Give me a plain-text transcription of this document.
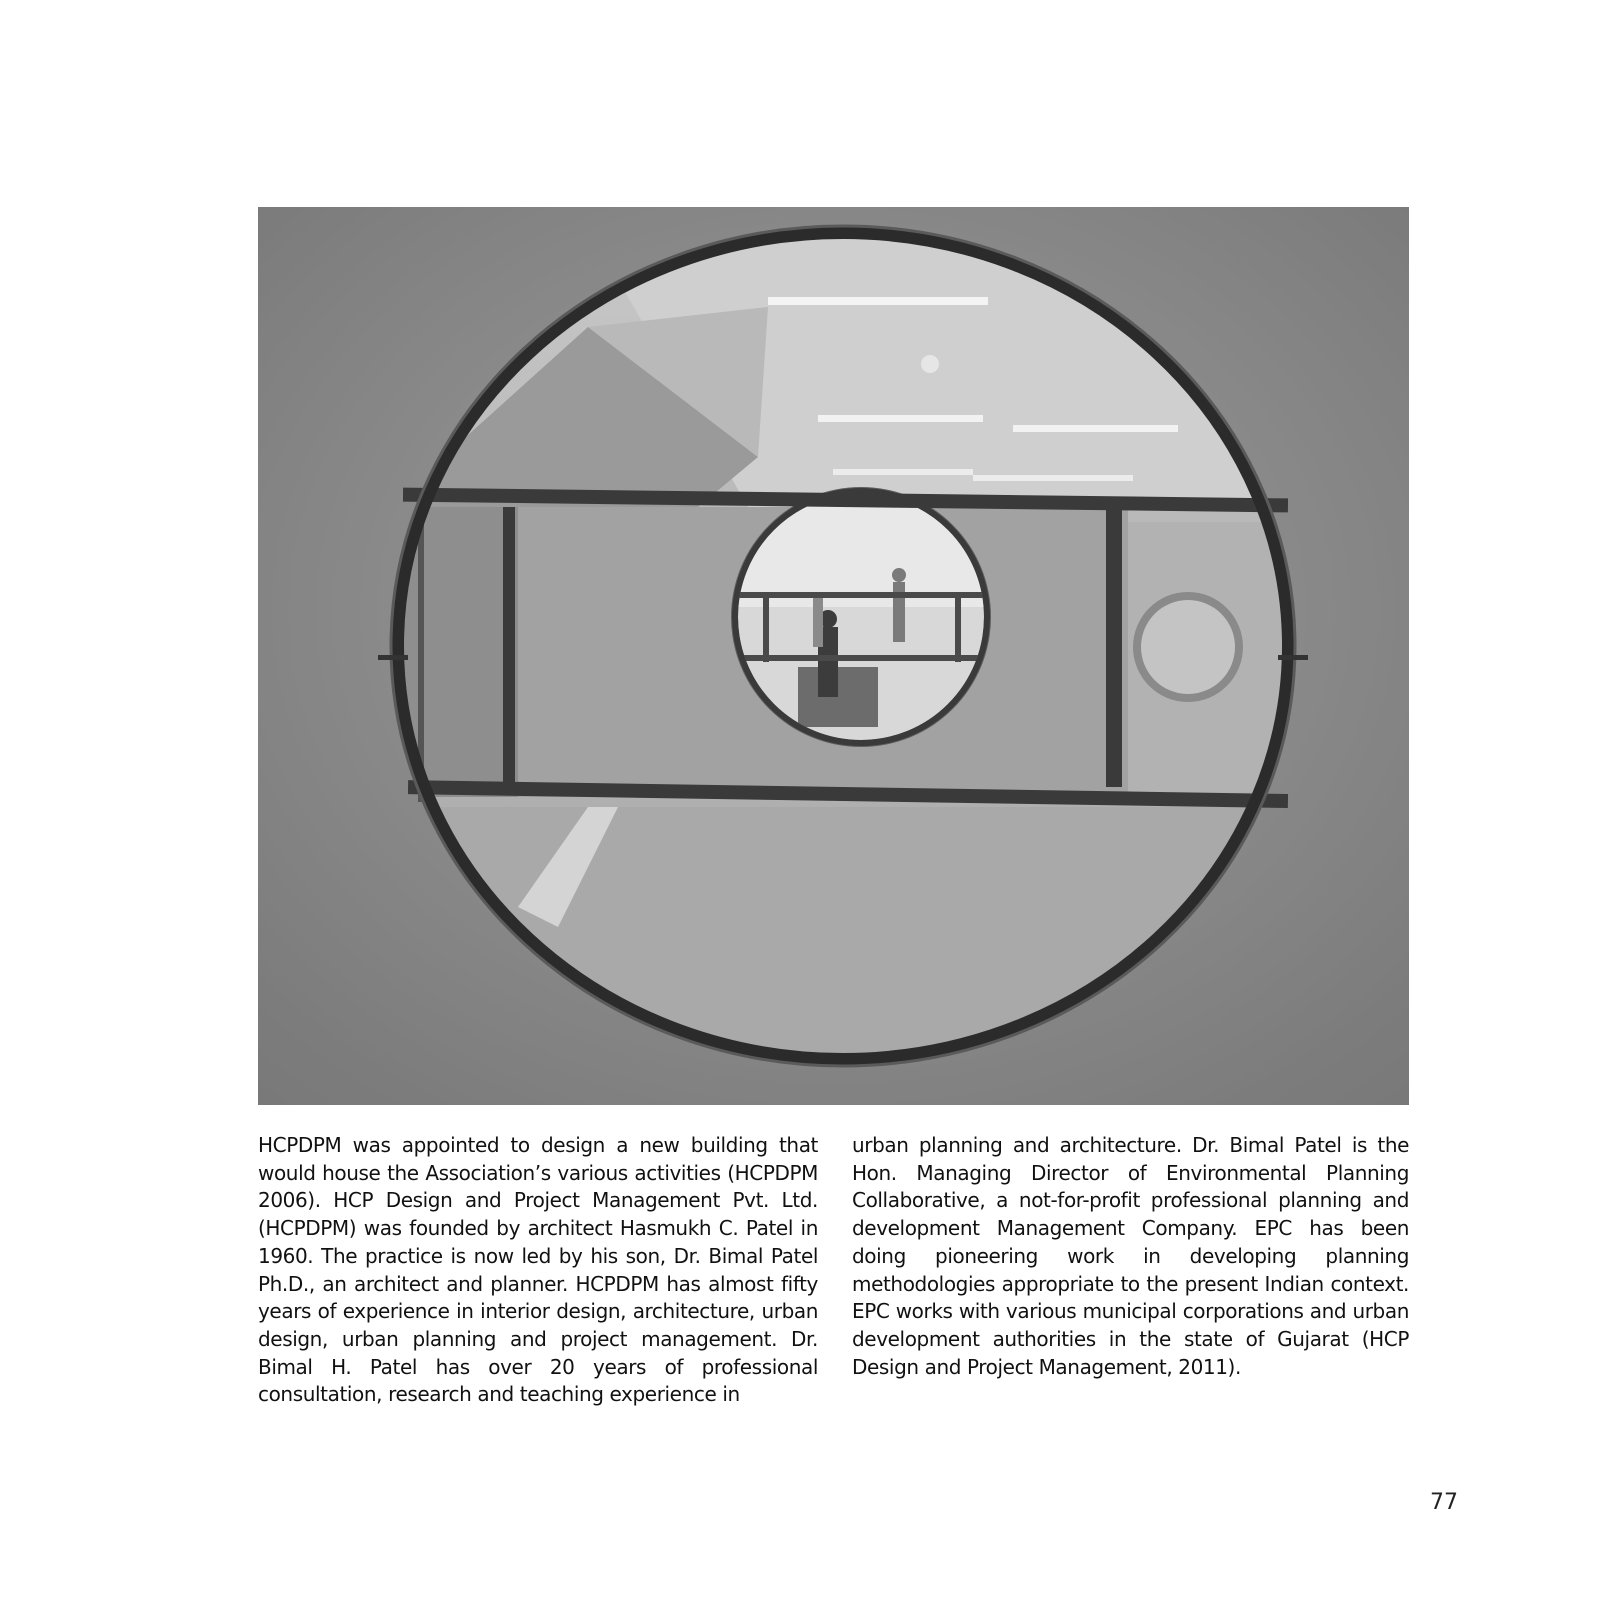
HCPDPM was appointed to design a new building that would house the Association’s various activities (HCPDPM 2006). HCP Design and Project Management Pvt. Ltd. (HCPDPM) was founded by architect Hasmukh C. Patel in 1960. The practice is now led by his son, Dr. Bimal Patel Ph.D., an architect and planner. HCPDPM has almost fifty years of experience in interior design, architecture, urban design, urban planning and project management. Dr. Bimal H. Patel has over 20 years of professional consultation, research and teaching experience in

urban planning and architecture. Dr. Bimal Patel is the Hon. Managing Director of Environmental Planning Collaborative, a not-for-profit professional planning and development Management Company. EPC has been doing pioneering work in developing planning methodologies appropriate to the present Indian context. EPC works with various municipal corporations and urban development authorities in the state of Gujarat (HCP Design and Project Management, 2011).

77
